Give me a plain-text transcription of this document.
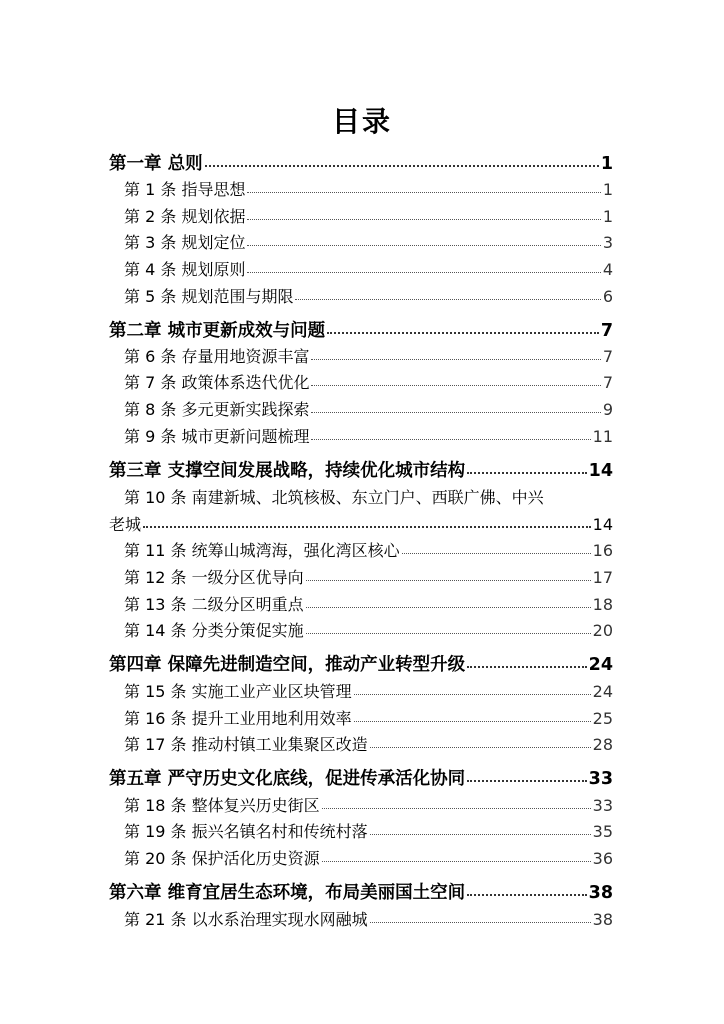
目录
第一章 总则	1
第 1 条 指导思想	1
第 2 条 规划依据	1
第 3 条 规划定位	3
第 4 条 规划原则	4
第 5 条 规划范围与期限	6
第二章 城市更新成效与问题	7
第 6 条 存量用地资源丰富	7
第 7 条 政策体系迭代优化	7
第 8 条 多元更新实践探索	9
第 9 条 城市更新问题梳理	11
第三章 支撑空间发展战略，持续优化城市结构	14
第 10 条 南建新城、北筑核极、东立门户、西联广佛、中兴
老城	14
第 11 条 统筹山城湾海，强化湾区核心	16
第 12 条 一级分区优导向	17
第 13 条 二级分区明重点	18
第 14 条 分类分策促实施	20
第四章 保障先进制造空间，推动产业转型升级	24
第 15 条 实施工业产业区块管理	24
第 16 条 提升工业用地利用效率	25
第 17 条 推动村镇工业集聚区改造	28
第五章 严守历史文化底线，促进传承活化协同	33
第 18 条 整体复兴历史街区	33
第 19 条 振兴名镇名村和传统村落	35
第 20 条 保护活化历史资源	36
第六章 维育宜居生态环境，布局美丽国土空间	38
第 21 条 以水系治理实现水网融城	38
